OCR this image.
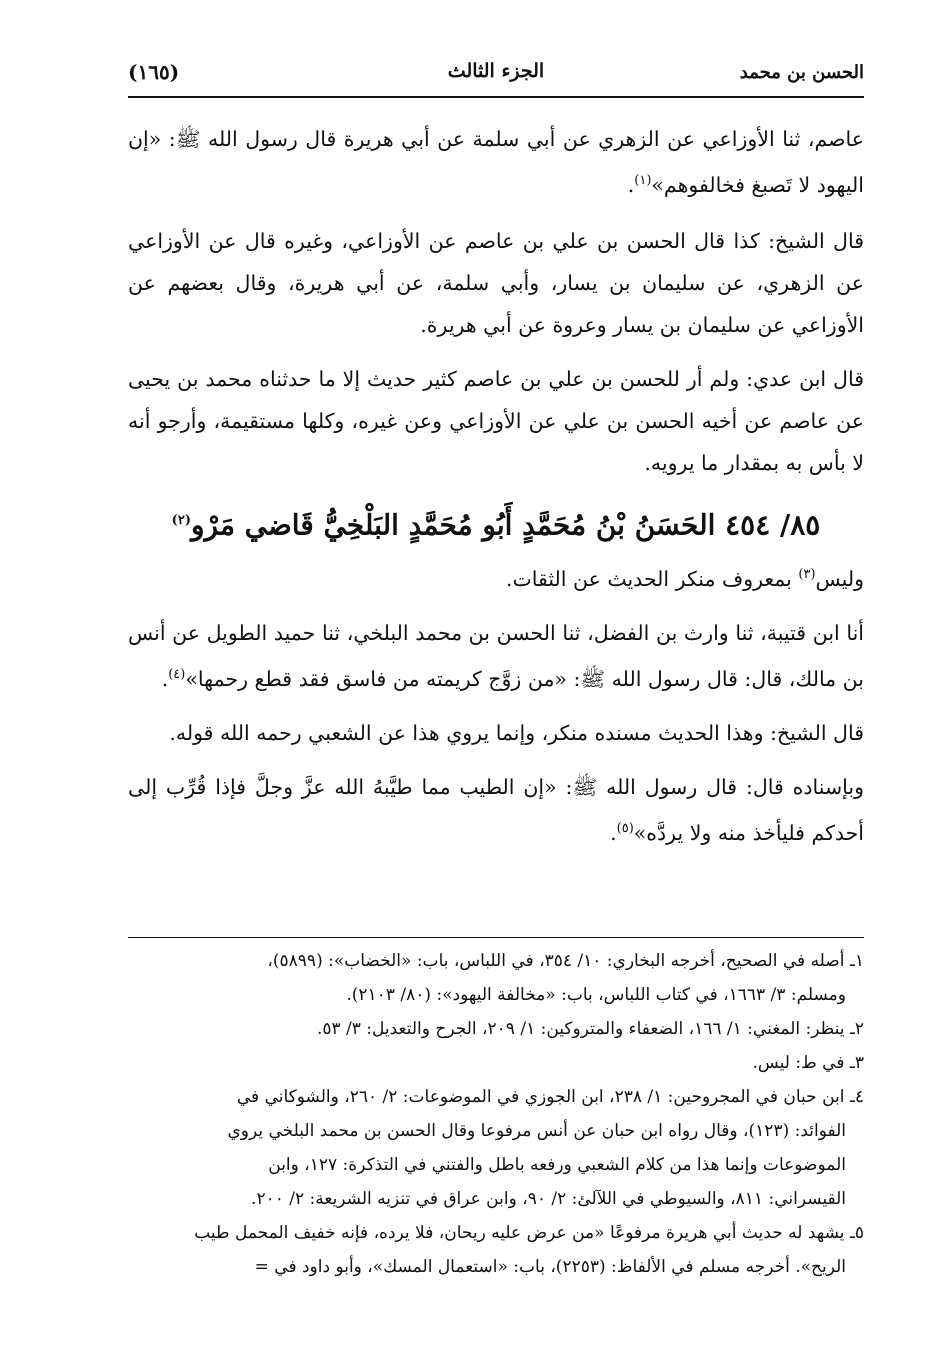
الحسن بن محمد
الجزء الثالث
(١٦٥)

عاصم، ثنا الأوزاعي عن الزهري عن أبي سلمة عن أبي هريرة قال رسول الله ﷺ: «إن اليهود لا تَصبغ فخالفوهم»$^{(١)}$.

قال الشيخ: كذا قال الحسن بن علي بن عاصم عن الأوزاعي، وغيره قال عن الأوزاعي عن الزهري، عن سليمان بن يسار، وأبي سلمة، عن أبي هريرة، وقال بعضهم عن الأوزاعي عن سليمان بن يسار وعروة عن أبي هريرة.

قال ابن عدي: ولم أر للحسن بن علي بن عاصم كثير حديث إلا ما حدثناه محمد بن يحيى عن عاصم عن أخيه الحسن بن علي عن الأوزاعي وعن غيره، وكلها مستقيمة، وأرجو أنه لا بأس به بمقدار ما يرويه.

٨٥/ ٤٥٤ الحَسَنُ بْنُ مُحَمَّدٍ أَبُو مُحَمَّدٍ البَلْخِيُّ قَاضي مَرْو$^{(٢)}$

وليس$^{(٣)}$ بمعروف منكر الحديث عن الثقات.

أنا ابن قتيبة، ثنا وارث بن الفضل، ثنا الحسن بن محمد البلخي، ثنا حميد الطويل عن أنس بن مالك، قال: قال رسول الله ﷺ: «من زوَّج كريمته من فاسق فقد قطع رحمها»$^{(٤)}$.

قال الشيخ: وهذا الحديث مسنده منكر، وإنما يروي هذا عن الشعبي رحمه الله قوله.

وبإسناده قال: قال رسول الله ﷺ: «إن الطيب مما طيَّبهُ الله عزَّ وجلَّ فإذا قُرِّب إلى أحدكم فليأخذ منه ولا يردَّه»$^{(٥)}$.

١ـ أصله في الصحيح، أخرجه البخاري: ١٠/ ٣٥٤، في اللباس، باب: «الخضاب»: (٥٨٩٩)،

ومسلم: ٣/ ١٦٦٣، في كتاب اللباس، باب: «مخالفة اليهود»: (٨٠/ ٢١٠٣).

٢ـ ينظر: المغني: ١/ ١٦٦، الضعفاء والمتروكين: ١/ ٢٠٩، الجرح والتعديل: ٣/ ٥٣.

٣ـ في ط: ليس.

٤ـ ابن حبان في المجروحين: ١/ ٢٣٨، ابن الجوزي في الموضوعات: ٢/ ٢٦٠، والشوكاني في
الفوائد: (١٢٣)، وقال رواه ابن حبان عن أنس مرفوعا وقال الحسن بن محمد البلخي يروي
الموضوعات وإنما هذا من كلام الشعبي ورفعه باطل والفتني في التذكرة: ١٢٧، وابن
القيسراني: ٨١١، والسيوطي في اللآلئ: ٢/ ٩٠، وابن عراق في تنزيه الشريعة: ٢/ ٢٠٠.

٥ـ يشهد له حديث أبي هريرة مرفوعًا «من عرض عليه ريحان، فلا يرده، فإنه خفيف المحمل طيب
الريح». أخرجه مسلم في الألفاظ: (٢٢٥٣)، باب: «استعمال المسك»، وأبو داود في =
